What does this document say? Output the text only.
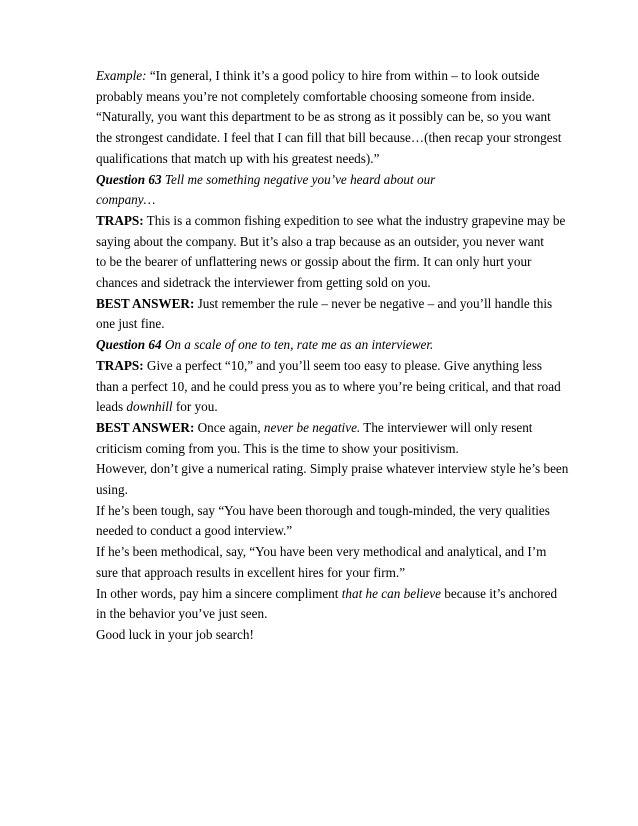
Example: “In general, I think it’s a good policy to hire from within – to look outside
probably means you’re not completely comfortable choosing someone from inside.
“Naturally, you want this department to be as strong as it possibly can be, so you want
the strongest candidate. I feel that I can fill that bill because…(then recap your strongest
qualifications that match up with his greatest needs).”
Question 63 Tell me something negative you’ve heard about our
company…
TRAPS: This is a common fishing expedition to see what the industry grapevine may be
saying about the company. But it’s also a trap because as an outsider, you never want
to be the bearer of unflattering news or gossip about the firm. It can only hurt your
chances and sidetrack the interviewer from getting sold on you.
BEST ANSWER: Just remember the rule – never be negative – and you’ll handle this
one just fine.
Question 64 On a scale of one to ten, rate me as an interviewer.
TRAPS: Give a perfect “10,” and you’ll seem too easy to please. Give anything less
than a perfect 10, and he could press you as to where you’re being critical, and that road
leads downhill for you.
BEST ANSWER: Once again, never be negative. The interviewer will only resent
criticism coming from you. This is the time to show your positivism.
However, don’t give a numerical rating. Simply praise whatever interview style he’s been
using.
If he’s been tough, say “You have been thorough and tough-minded, the very qualities
needed to conduct a good interview.”
If he’s been methodical, say, “You have been very methodical and analytical, and I’m
sure that approach results in excellent hires for your firm.”
In other words, pay him a sincere compliment that he can believe because it’s anchored
in the behavior you’ve just seen.
Good luck in your job search!
